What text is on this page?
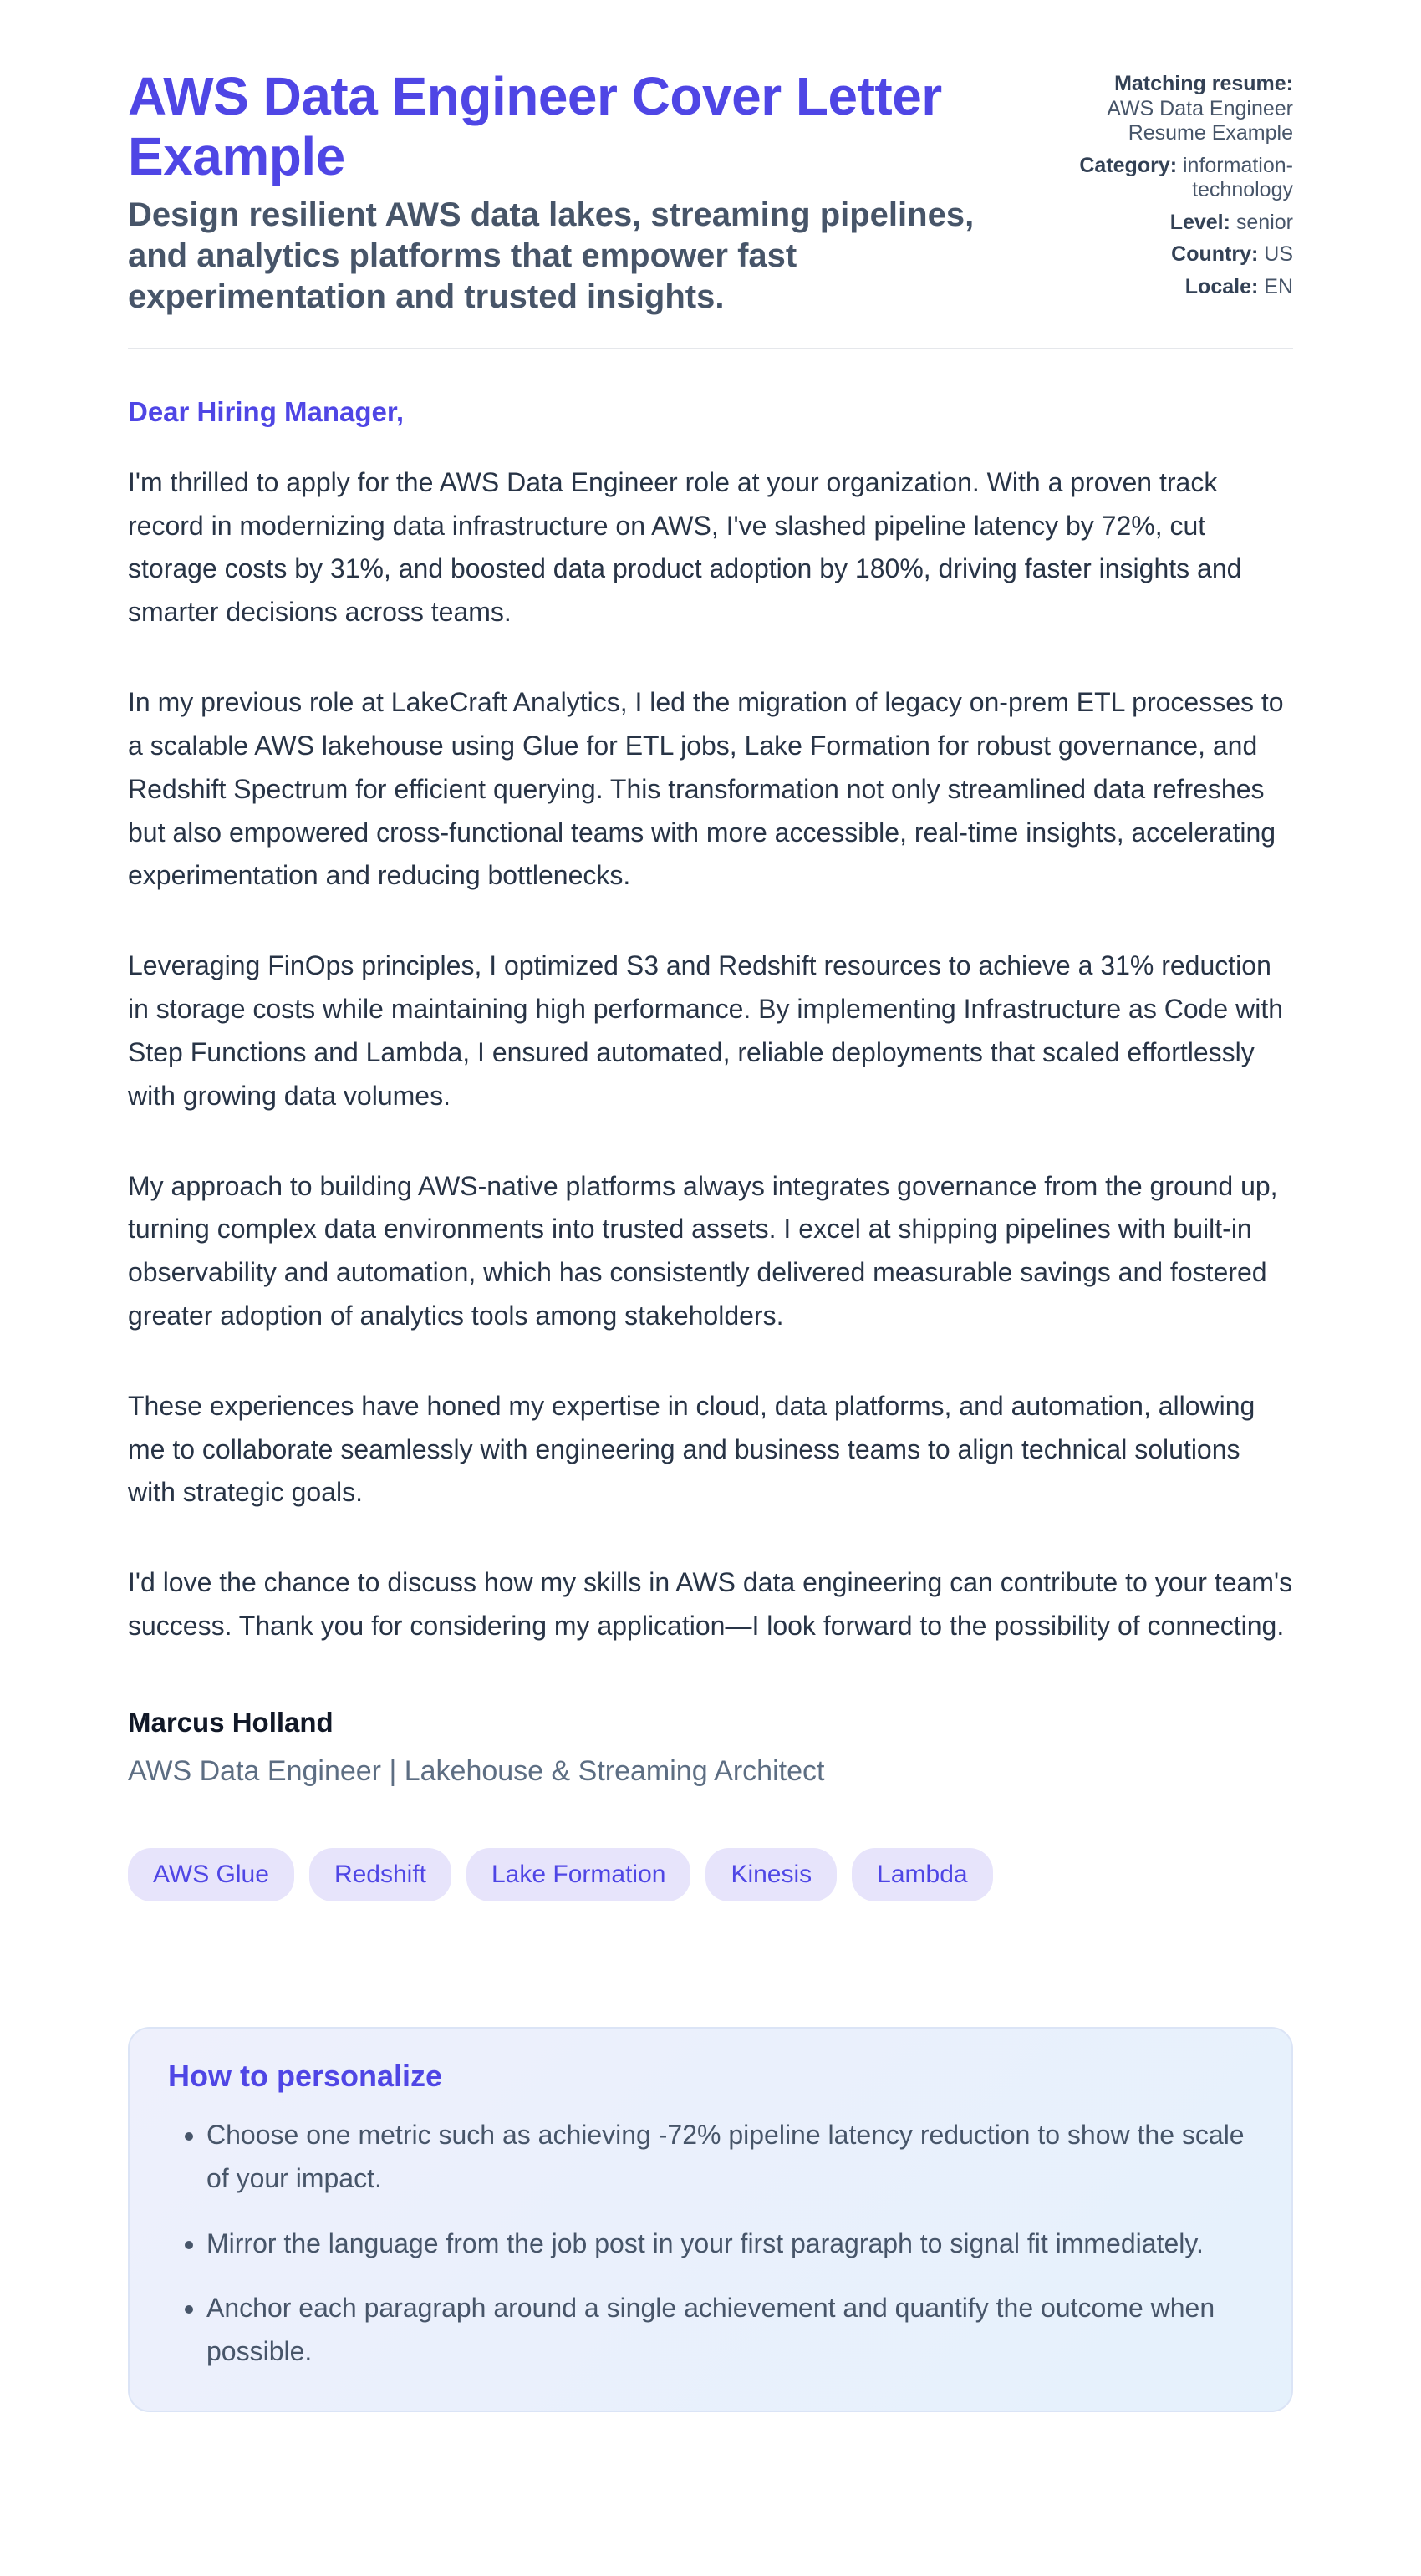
AWS Data Engineer Cover Letter Example

Design resilient AWS data lakes, streaming pipelines, and analytics platforms that empower fast experimentation and trusted insights.

Matching resume: AWS Data Engineer Resume Example
Category: information-technology
Level: senior
Country: US
Locale: EN

Dear Hiring Manager,

I'm thrilled to apply for the AWS Data Engineer role at your organization. With a proven track record in modernizing data infrastructure on AWS, I've slashed pipeline latency by 72%, cut storage costs by 31%, and boosted data product adoption by 180%, driving faster insights and smarter decisions across teams.

In my previous role at LakeCraft Analytics, I led the migration of legacy on-prem ETL processes to a scalable AWS lakehouse using Glue for ETL jobs, Lake Formation for robust governance, and Redshift Spectrum for efficient querying. This transformation not only streamlined data refreshes but also empowered cross-functional teams with more accessible, real-time insights, accelerating experimentation and reducing bottlenecks.

Leveraging FinOps principles, I optimized S3 and Redshift resources to achieve a 31% reduction in storage costs while maintaining high performance. By implementing Infrastructure as Code with Step Functions and Lambda, I ensured automated, reliable deployments that scaled effortlessly with growing data volumes.

My approach to building AWS-native platforms always integrates governance from the ground up, turning complex data environments into trusted assets. I excel at shipping pipelines with built-in observability and automation, which has consistently delivered measurable savings and fostered greater adoption of analytics tools among stakeholders.

These experiences have honed my expertise in cloud, data platforms, and automation, allowing me to collaborate seamlessly with engineering and business teams to align technical solutions with strategic goals.

I'd love the chance to discuss how my skills in AWS data engineering can contribute to your team's success. Thank you for considering my application—I look forward to the possibility of connecting.

Marcus Holland

AWS Data Engineer | Lakehouse & Streaming Architect

AWS Glue	Redshift	Lake Formation	Kinesis	Lambda
How to personalize
• Choose one metric such as achieving -72% pipeline latency reduction to show the scale of your impact.
• Mirror the language from the job post in your first paragraph to signal fit immediately.
• Anchor each paragraph around a single achievement and quantify the outcome when possible.
